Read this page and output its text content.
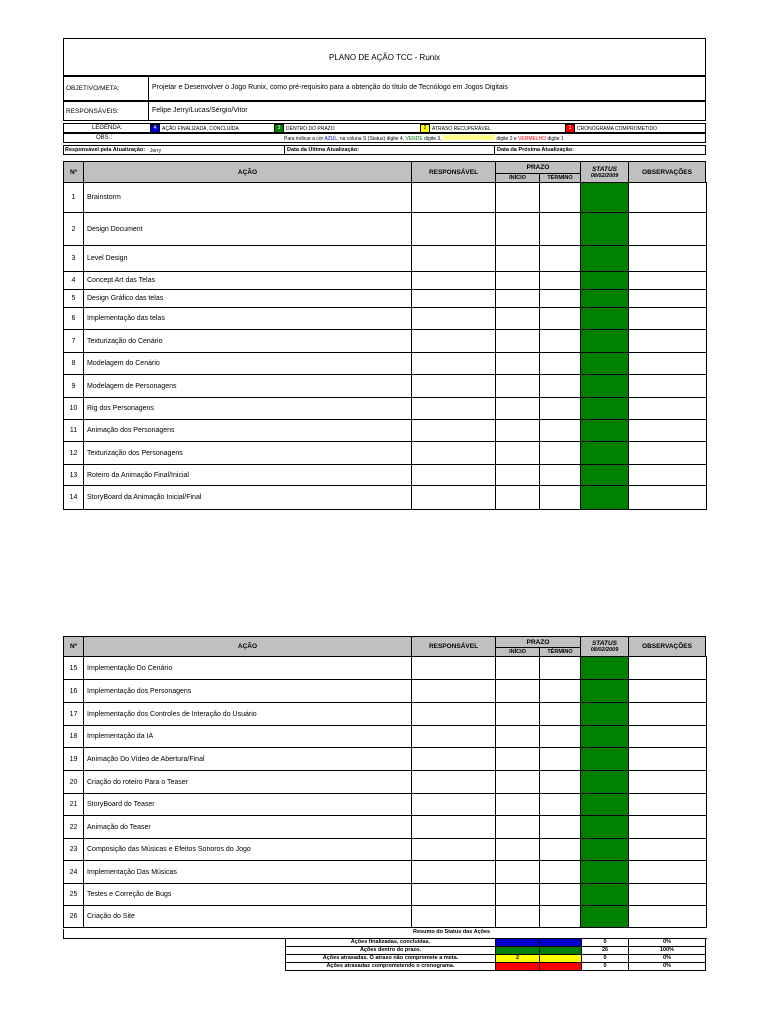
PLANO DE AÇÃO TCC - Runix
OBJETIVO/META:	Projetar e Desenvolver o Jogo Runix, como pré-requisito para a obtenção do título de Tecnólogo em Jogos Digitais
RESPONSÁVEIS:	Felipe Jerry/Lucas/Sérgio/Vitor
LEGENDA:	4 AÇÃO FINALIZADA, CONCLUÍDA	3 DENTRO DO PRAZO	2 ATRASO RECUPERÁVEL	1 CRONOGRAMA COMPROMETIDO
OBS.:	Para indicar a cor AZUL, na coluna S (Status) digite 4, VERDE digite 3,	digite 2 e VERMELHO digite 1
Responsável pela Atualização: Jerry	Data da Última Atualização:	Data da Próxima Atualização:
Nº	AÇÃO	RESPONSÁVEL
PRAZO
INÍCIO	TÉRMINO
STATUS
08/02/2009	OBSERVAÇÕES
1	Brainstorm					
2	Design Document					
3	Level Design					
4	Concept Art das Telas					
5	Design Gráfico das telas					
6	Implementação das telas					
7	Texturização do Cenário					
8	Modelagem do Cenário					
9	Modelagem de Personagens					
10	Rig dos Personagens					
11	Animação dos Personagens					
12	Texturização dos Personagens					
13	Roteiro da Animação Final/Inicial					
14	StoryBoard da Animação Inicial/Final					
Nº	AÇÃO	RESPONSÁVEL
PRAZO
INÍCIO	TÉRMINO
STATUS
08/02/2009	OBSERVAÇÕES
15	Implementação Do Cenário					
16	Implementação dos Personagens					
17	Implementação dos Controles de Interação do Usuário					
18	Implementação da IA					
19	Animação Do Vídeo de Abertura/Final					
20	Criação do roteiro Para o Teaser					
21	StoryBoard do Teaser					
22	Animação do Teaser					
23	Composição das Músicas e Efeitos Sonoros do Jogo					
24	Implementação Das Músicas					
25	Testes e Correção de Bugs					
26	Criação do Site					
Resumo do Status das Ações
Ações finalizadas, concluídas.			0	0%
Ações dentro do prazo.			26	100%
Ações atrasadas. O atraso não compromete a meta.	2		0	0%
Ações atrasadas comprometendo o cronograma.			0	0%
